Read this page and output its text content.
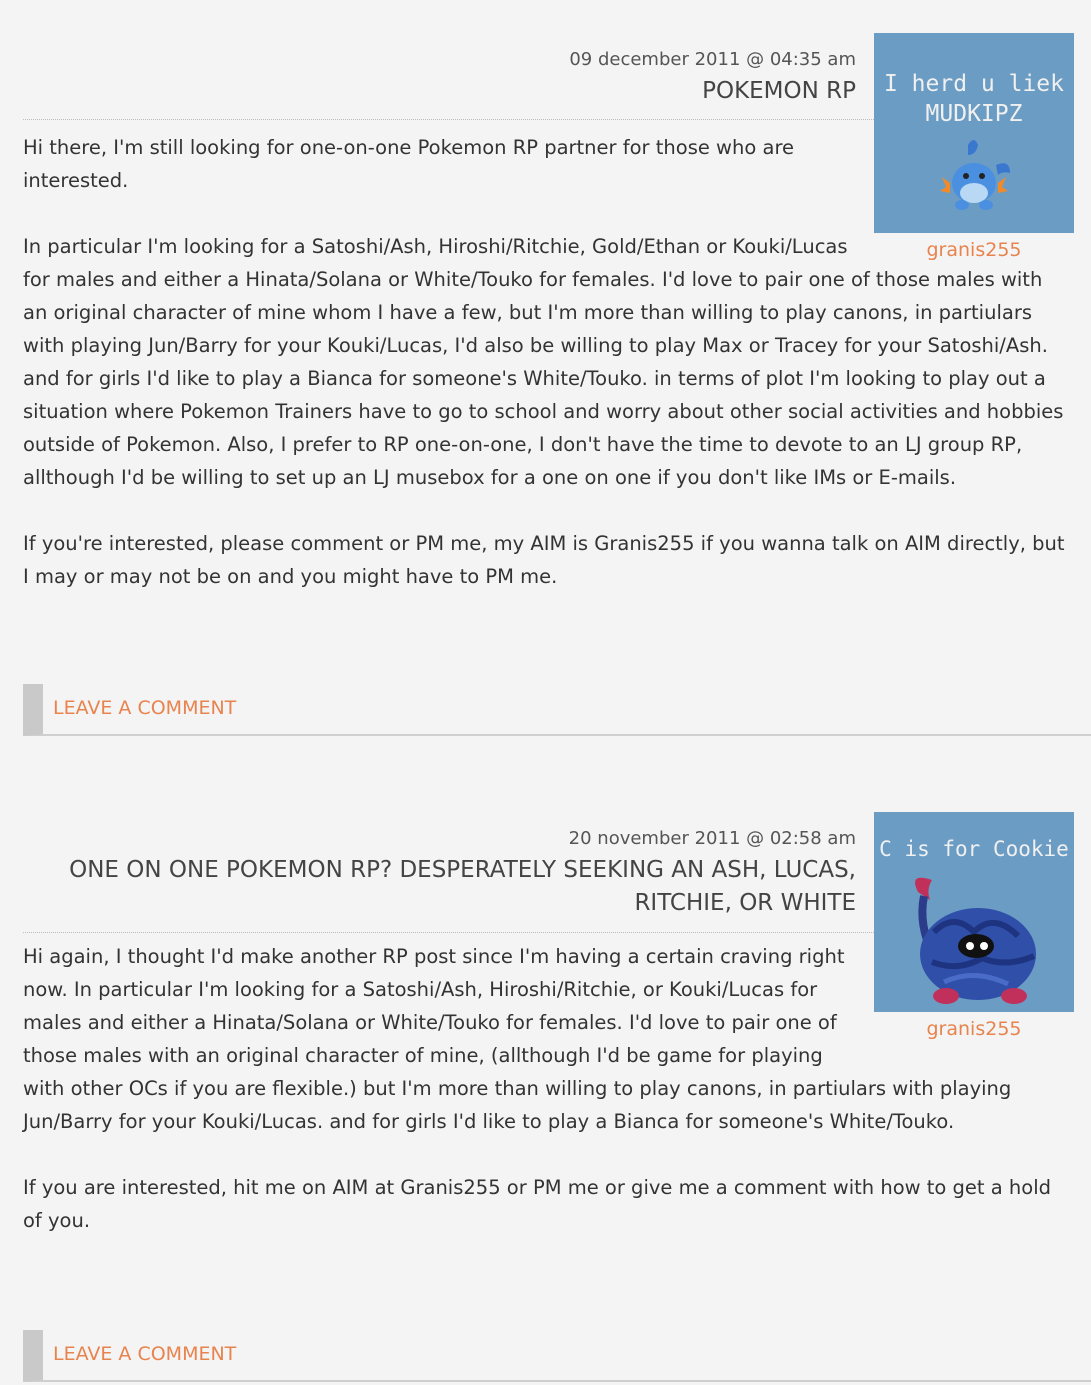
I herd u liek
MUDKIPZ
granis255
09 december 2011 @ 04:35 am
POKEMON RP

Hi there, I'm still looking for one-on-one Pokemon RP partner for those who are interested.

In particular I'm looking for a Satoshi/Ash, Hiroshi/Ritchie, Gold/Ethan or Kouki/Lucas for males and either a Hinata/Solana or White/Touko for females. I'd love to pair one of those males with an original character of mine whom I have a few, but I'm more than willing to play canons, in partiulars with playing Jun/Barry for your Kouki/Lucas, I'd also be willing to play Max or Tracey for your Satoshi/Ash. and for girls I'd like to play a Bianca for someone's White/Touko. in terms of plot I'm looking to play out a situation where Pokemon Trainers have to go to school and worry about other social activities and hobbies outside of Pokemon. Also, I prefer to RP one-on-one, I don't have the time to devote to an LJ group RP, allthough I'd be willing to set up an LJ musebox for a one on one if you don't like IMs or E-mails.

If you're interested, please comment or PM me, my AIM is Granis255 if you wanna talk on AIM directly, but I may or may not be on and you might have to PM me.

LEAVE A COMMENT
C is for Cookie
granis255
20 november 2011 @ 02:58 am
ONE ON ONE POKEMON RP? DESPERATELY SEEKING AN ASH, LUCAS, RITCHIE, OR WHITE

Hi again, I thought I'd make another RP post since I'm having a certain craving right now. In particular I'm looking for a Satoshi/Ash, Hiroshi/Ritchie, or Kouki/Lucas for males and either a Hinata/Solana or White/Touko for females. I'd love to pair one of those males with an original character of mine, (allthough I'd be game for playing with other OCs if you are flexible.) but I'm more than willing to play canons, in partiulars with playing Jun/Barry for your Kouki/Lucas. and for girls I'd like to play a Bianca for someone's White/Touko.

If you are interested, hit me on AIM at Granis255 or PM me or give me a comment with how to get a hold of you.

LEAVE A COMMENT
